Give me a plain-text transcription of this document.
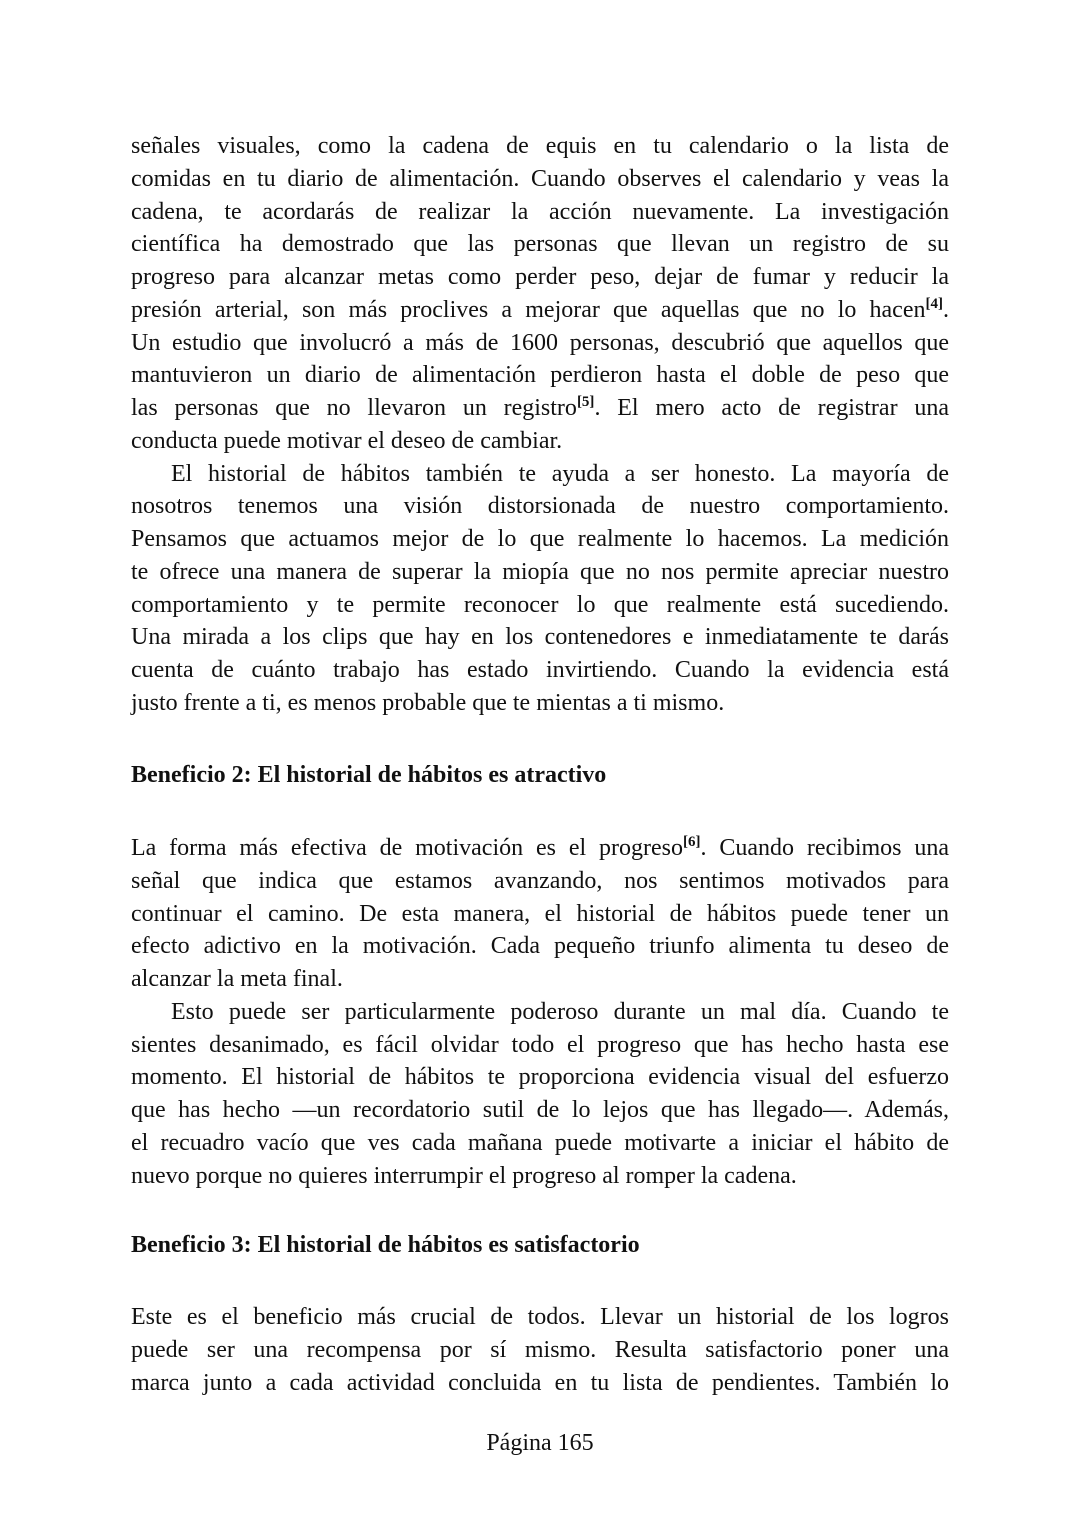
señales visuales, como la cadena de equis en tu calendario o la lista de
comidas en tu diario de alimentación. Cuando observes el calendario y veas la
cadena, te acordarás de realizar la acción nuevamente. La investigación
científica ha demostrado que las personas que llevan un registro de su
progreso para alcanzar metas como perder peso, dejar de fumar y reducir la
presión arterial, son más proclives a mejorar que aquellas que no lo hacen[4].
Un estudio que involucró a más de 1600 personas, descubrió que aquellos que
mantuvieron un diario de alimentación perdieron hasta el doble de peso que
las personas que no llevaron un registro[5]. El mero acto de registrar una
conducta puede motivar el deseo de cambiar.
El historial de hábitos también te ayuda a ser honesto. La mayoría de
nosotros tenemos una visión distorsionada de nuestro comportamiento.
Pensamos que actuamos mejor de lo que realmente lo hacemos. La medición
te ofrece una manera de superar la miopía que no nos permite apreciar nuestro
comportamiento y te permite reconocer lo que realmente está sucediendo.
Una mirada a los clips que hay en los contenedores e inmediatamente te darás
cuenta de cuánto trabajo has estado invirtiendo. Cuando la evidencia está
justo frente a ti, es menos probable que te mientas a ti mismo.
Beneficio 2: El historial de hábitos es atractivo
La forma más efectiva de motivación es el progreso[6]. Cuando recibimos una
señal que indica que estamos avanzando, nos sentimos motivados para
continuar el camino. De esta manera, el historial de hábitos puede tener un
efecto adictivo en la motivación. Cada pequeño triunfo alimenta tu deseo de
alcanzar la meta final.
Esto puede ser particularmente poderoso durante un mal día. Cuando te
sientes desanimado, es fácil olvidar todo el progreso que has hecho hasta ese
momento. El historial de hábitos te proporciona evidencia visual del esfuerzo
que has hecho —un recordatorio sutil de lo lejos que has llegado—. Además,
el recuadro vacío que ves cada mañana puede motivarte a iniciar el hábito de
nuevo porque no quieres interrumpir el progreso al romper la cadena.
Beneficio 3: El historial de hábitos es satisfactorio
Este es el beneficio más crucial de todos. Llevar un historial de los logros
puede ser una recompensa por sí mismo. Resulta satisfactorio poner una
marca junto a cada actividad concluida en tu lista de pendientes. También lo
Página 165
